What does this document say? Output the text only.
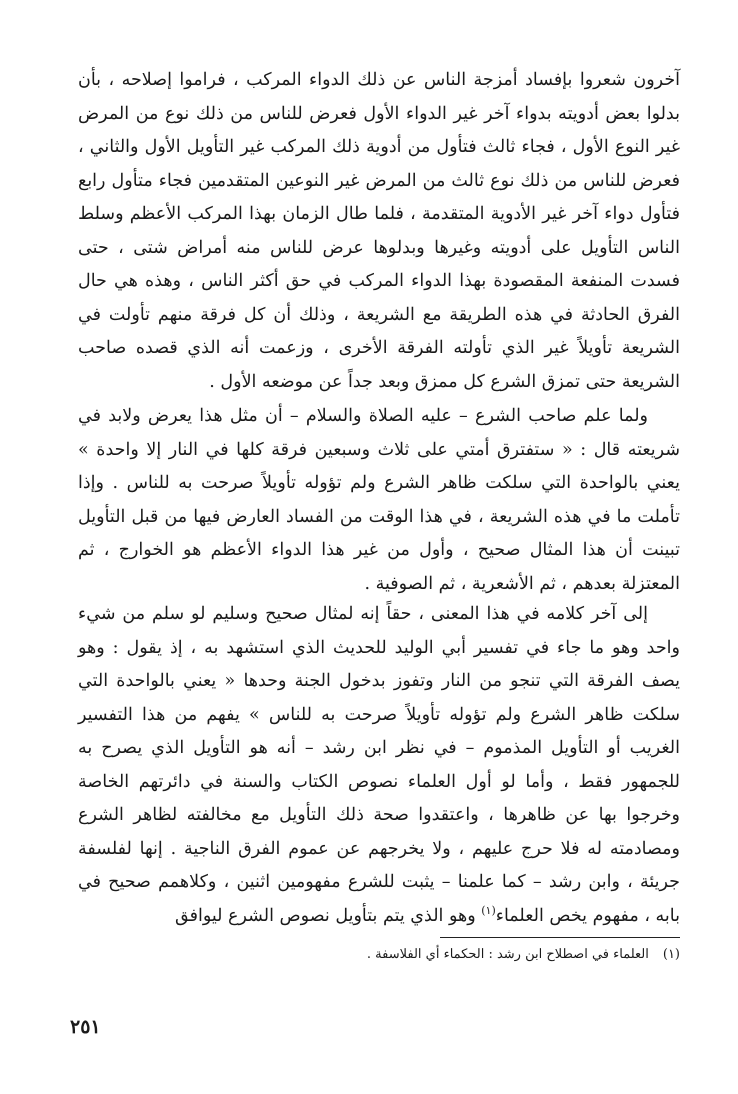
آخرون شعروا بإفساد أمزجة الناس عن ذلك الدواء المركب ، فراموا إصلاحه ، بأن بدلوا بعض أدويته بدواء آخر غير الدواء الأول فعرض للناس من ذلك نوع من المرض غير النوع الأول ، فجاء ثالث فتأول من أدوية ذلك المركب غير التأويل الأول والثاني ، فعرض للناس من ذلك نوع ثالث من المرض غير النوعين المتقدمين فجاء متأول رابع فتأول دواء آخر غير الأدوية المتقدمة ، فلما طال الزمان بهذا المركب الأعظم وسلط الناس التأويل على أدويته وغيرها وبدلوها عرض للناس منه أمراض شتى ، حتى فسدت المنفعة المقصودة بهذا الدواء المركب في حق أكثر الناس ، وهذه هي حال الفرق الحادثة في هذه الطريقة مع الشريعة ، وذلك أن كل فرقة منهم تأولت في الشريعة تأويلاً غير الذي تأولته الفرقة الأخرى ، وزعمت أنه الذي قصده صاحب الشريعة حتى تمزق الشرع كل ممزق وبعد جداً عن موضعه الأول .

ولما علم صاحب الشرع – عليه الصلاة والسلام – أن مثل هذا يعرض ولابد في شريعته قال : « ستفترق أمتي على ثلاث وسبعين فرقة كلها في النار إلا واحدة » يعني بالواحدة التي سلكت ظاهر الشرع ولم تؤوله تأويلاً صرحت به للناس . وإذا تأملت ما في هذه الشريعة ، في هذا الوقت من الفساد العارض فيها من قبل التأويل تبينت أن هذا المثال صحيح ، وأول من غير هذا الدواء الأعظم هو الخوارج ، ثم المعتزلة بعدهم ، ثم الأشعرية ، ثم الصوفية .

إلى آخر كلامه في هذا المعنى ، حقاً إنه لمثال صحيح وسليم لو سلم من شيء واحد وهو ما جاء في تفسير أبي الوليد للحديث الذي استشهد به ، إذ يقول : وهو يصف الفرقة التي تنجو من النار وتفوز بدخول الجنة وحدها « يعني بالواحدة التي سلكت ظاهر الشرع ولم تؤوله تأويلاً صرحت به للناس » يفهم من هذا التفسير الغريب أو التأويل المذموم – في نظر ابن رشد – أنه هو التأويل الذي يصرح به للجمهور فقط ، وأما لو أول العلماء نصوص الكتاب والسنة في دائرتهم الخاصة وخرجوا بها عن ظاهرها ، واعتقدوا صحة ذلك التأويل مع مخالفته لظاهر الشرع ومصادمته له فلا حرج عليهم ، ولا يخرجهم عن عموم الفرق الناجية . إنها لفلسفة جريئة ، وابن رشد – كما علمنا – يثبت للشرع مفهومين اثنين ، وكلاهمم صحيح في بابه ، مفهوم يخص العلماء$^{(١)}$ وهو الذي يتم بتأويل نصوص الشرع ليوافق

(١)العلماء في اصطلاح ابن رشد : الحكماء أي الفلاسفة .
٢٥١
